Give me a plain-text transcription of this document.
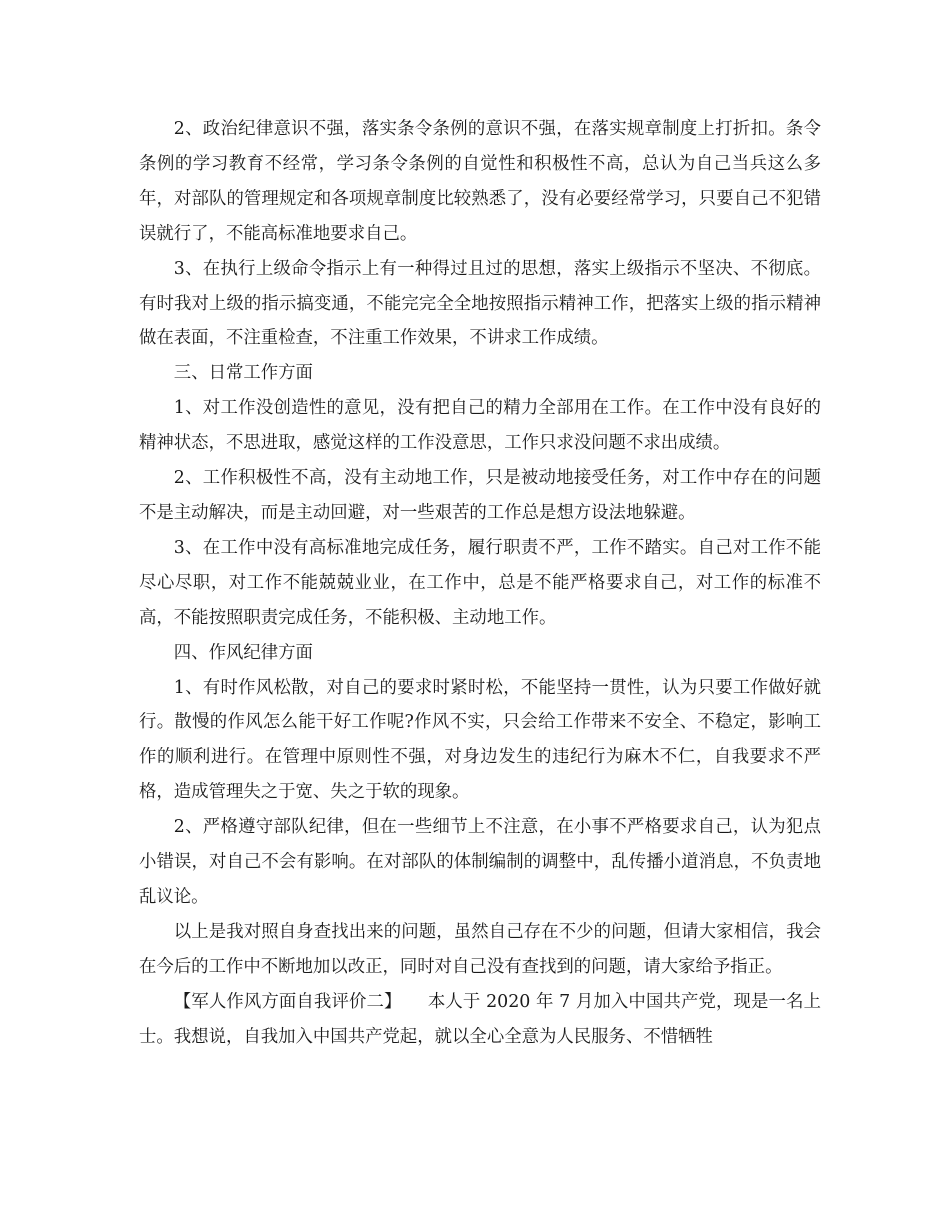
2、政治纪律意识不强，落实条令条例的意识不强，在落实规章制度上打折扣。条令条例的学习教育不经常，学习条令条例的自觉性和积极性不高，总认为自己当兵这么多年，对部队的管理规定和各项规章制度比较熟悉了，没有必要经常学习，只要自己不犯错误就行了，不能高标准地要求自己。

3、在执行上级命令指示上有一种得过且过的思想，落实上级指示不坚决、不彻底。有时我对上级的指示搞变通，不能完完全全地按照指示精神工作，把落实上级的指示精神做在表面，不注重检查，不注重工作效果，不讲求工作成绩。

三、日常工作方面

1、对工作没创造性的意见，没有把自己的精力全部用在工作。在工作中没有良好的精神状态，不思进取，感觉这样的工作没意思，工作只求没问题不求出成绩。

2、工作积极性不高，没有主动地工作，只是被动地接受任务，对工作中存在的问题不是主动解决，而是主动回避，对一些艰苦的工作总是想方设法地躲避。

3、在工作中没有高标准地完成任务，履行职责不严，工作不踏实。自己对工作不能尽心尽职，对工作不能兢兢业业，在工作中，总是不能严格要求自己，对工作的标准不高，不能按照职责完成任务，不能积极、主动地工作。

四、作风纪律方面

1、有时作风松散，对自己的要求时紧时松，不能坚持一贯性，认为只要工作做好就行。散慢的作风怎么能干好工作呢?作风不实，只会给工作带来不安全、不稳定，影响工作的顺利进行。在管理中原则性不强，对身边发生的违纪行为麻木不仁，自我要求不严格，造成管理失之于宽、失之于软的现象。

2、严格遵守部队纪律，但在一些细节上不注意，在小事不严格要求自己，认为犯点小错误，对自己不会有影响。在对部队的体制编制的调整中，乱传播小道消息，不负责地乱议论。

以上是我对照自身查找出来的问题，虽然自己存在不少的问题，但请大家相信，我会在今后的工作中不断地加以改正，同时对自己没有查找到的问题，请大家给予指正。

【军人作风方面自我评价二】　　本人于 2020 年 7 月加入中国共产党，现是一名上士。我想说，自我加入中国共产党起，就以全心全意为人民服务、不惜牺牲
